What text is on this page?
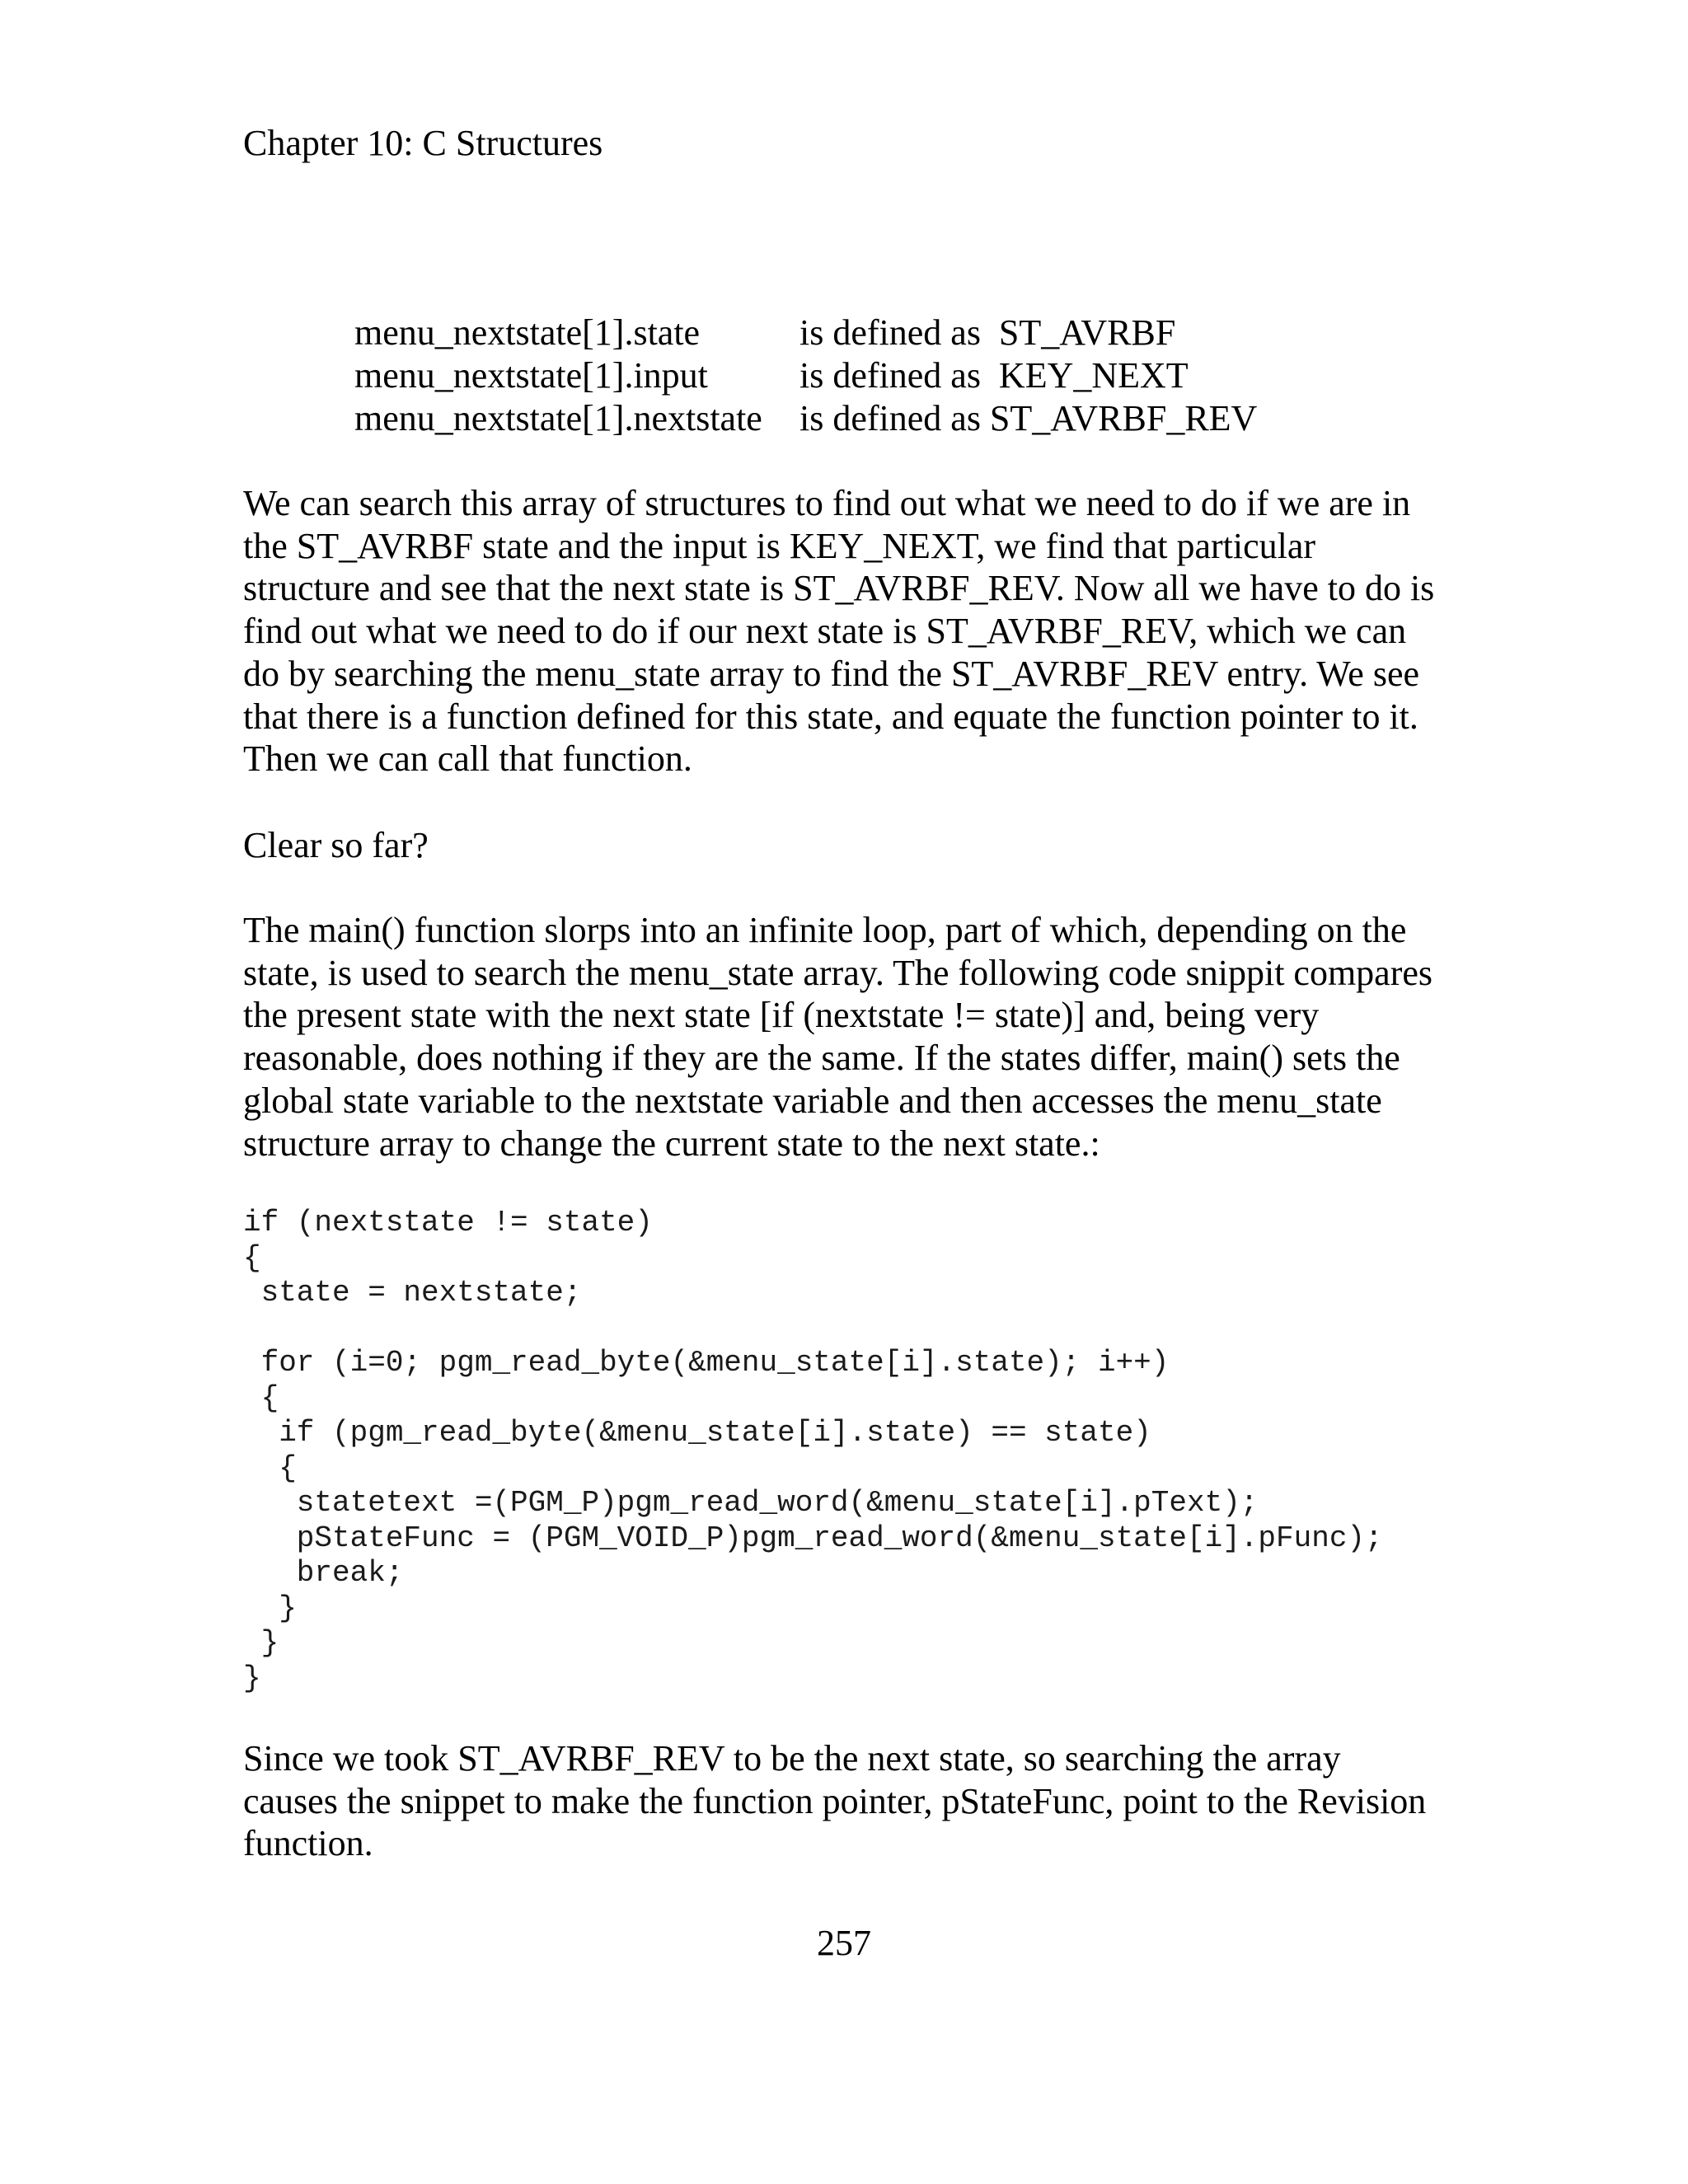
Chapter 10: C Structures
menu_nextstate[1].state	is defined as  ST_AVRBF
menu_nextstate[1].input	is defined as  KEY_NEXT
menu_nextstate[1].nextstate	is defined as ST_AVRBF_REV

We can search this array of structures to find out what we need to do if we are in
the ST_AVRBF state and the input is KEY_NEXT, we find that particular
structure and see that the next state is ST_AVRBF_REV. Now all we have to do is
find out what we need to do if our next state is ST_AVRBF_REV, which we can
do by searching the menu_state array to find the ST_AVRBF_REV entry. We see
that there is a function defined for this state, and equate the function pointer to it.
Then we can call that function.

Clear so far?

The main() function slorps into an infinite loop, part of which, depending on the
state, is used to search the menu_state array. The following code snippit compares
the present state with the next state [if (nextstate != state)] and, being very
reasonable, does nothing if they are the same. If the states differ, main() sets the
global state variable to the nextstate variable and then accesses the menu_state
structure array to change the current state to the next state.:

if (nextstate != state)
{
state = nextstate;
for (i=0; pgm_read_byte(&menu_state[i].state); i++)
{
if (pgm_read_byte(&menu_state[i].state) == state)
{
statetext =(PGM_P)pgm_read_word(&menu_state[i].pText);
pStateFunc = (PGM_VOID_P)pgm_read_word(&menu_state[i].pFunc);
break;
}
}
}

Since we took ST_AVRBF_REV to be the next state, so searching the array
causes the snippet to make the function pointer, pStateFunc, point to the Revision
function.

257
